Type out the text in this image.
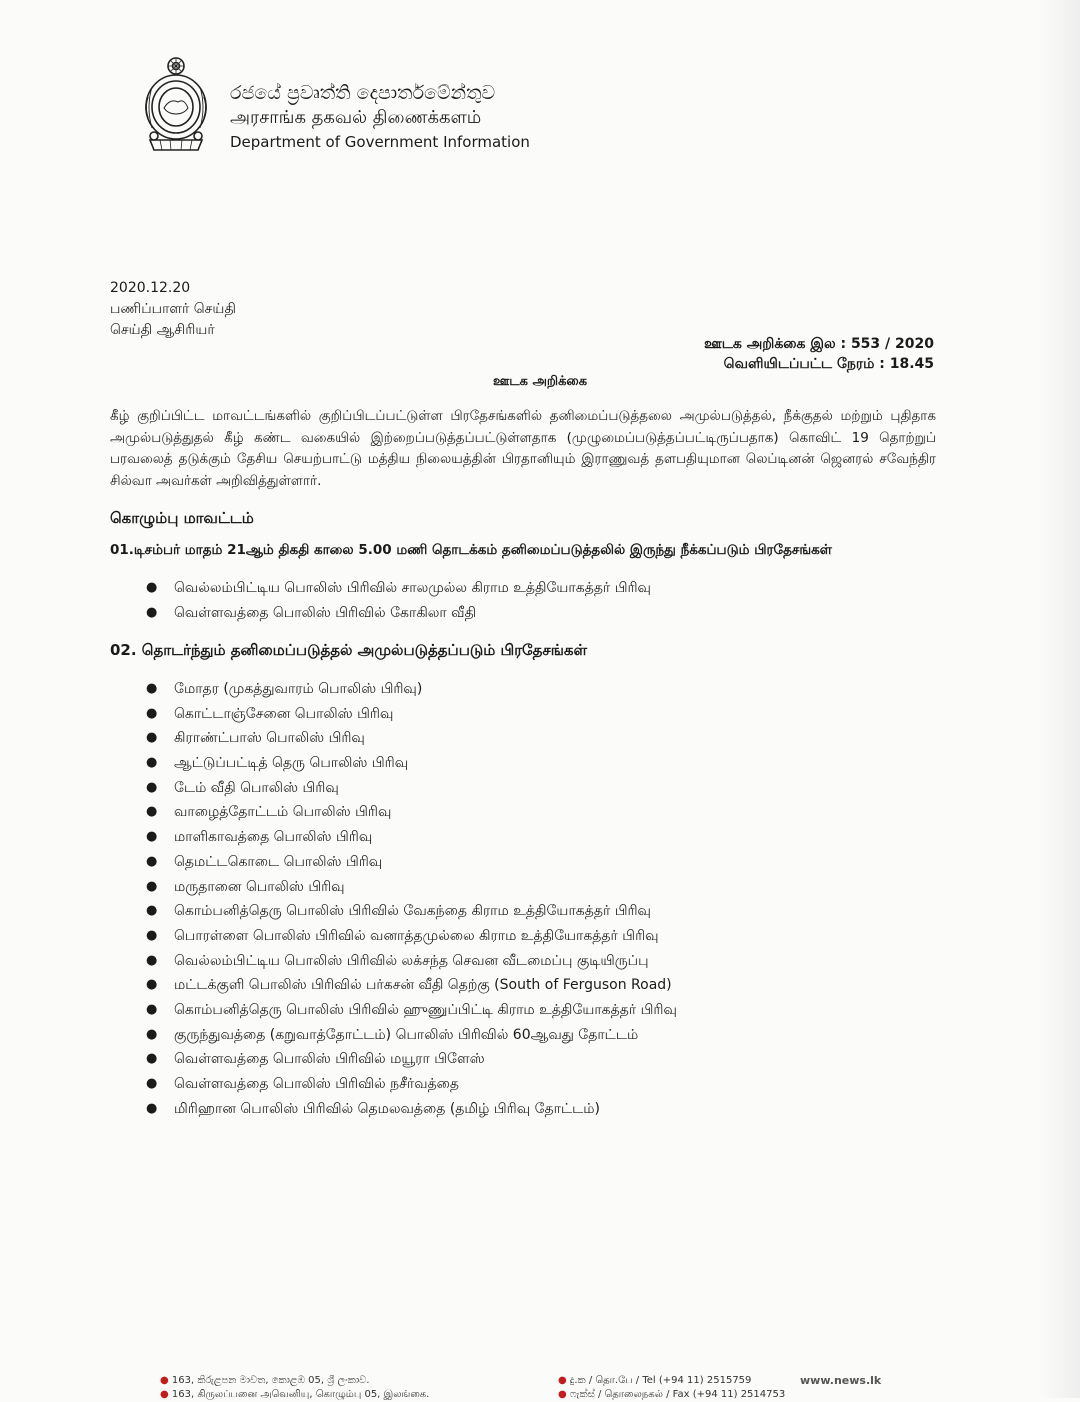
රජයේ ප්‍රවෘත්ති දෙපාර්තමේන්තුව
அரசாங்க தகவல் திணைக்களம்
Department of Government Information
2020.12.20
பணிப்பாளர் செய்தி
செய்தி ஆசிரியர்
ஊடக அறிக்கை இல : 553 / 2020
வெளியிடப்பட்ட நேரம் : 18.45
ஊடக அறிக்கை
கீழ் குறிப்பிட்ட மாவட்டங்களில் குறிப்பிடப்பட்டுள்ள பிரதேசங்களில் தனிமைப்படுத்தலை அமுல்படுத்தல், நீக்குதல் மற்றும் புதிதாக அமுல்படுத்துதல் கீழ் கண்ட வகையில் இற்றைப்படுத்தப்பட்டுள்ளதாக (முழுமைப்படுத்தப்பட்டிருப்பதாக) கொவிட் 19 தொற்றுப் பரவலைத் தடுக்கும் தேசிய செயற்பாட்டு மத்திய நிலையத்தின் பிரதானியும் இராணுவத் தளபதியுமான லெப்டினன் ஜெனரல் சவேந்திர சில்வா அவர்கள் அறிவித்துள்ளார்.
கொழும்பு மாவட்டம்
01.டிசம்பர் மாதம் 21ஆம் திகதி காலை 5.00 மணி தொடக்கம் தனிமைப்படுத்தலில் இருந்து நீக்கப்படும் பிரதேசங்கள்
● வெல்லம்பிட்டிய பொலிஸ் பிரிவில் சாலமுல்ல கிராம உத்தியோகத்தர் பிரிவு
● வெள்ளவத்தை பொலிஸ் பிரிவில் கோகிலா வீதி
02. தொடர்ந்தும் தனிமைப்படுத்தல் அமுல்படுத்தப்படும் பிரதேசங்கள்
● மோதர (முகத்துவாரம் பொலிஸ் பிரிவு)
● கொட்டாஞ்சேனை பொலிஸ் பிரிவு
● கிராண்ட்பாஸ் பொலிஸ் பிரிவு
● ஆட்டுப்பட்டித் தெரு பொலிஸ் பிரிவு
● டேம் வீதி பொலிஸ் பிரிவு
● வாழைத்தோட்டம் பொலிஸ் பிரிவு
● மாளிகாவத்தை பொலிஸ் பிரிவு
● தெமட்டகொடை பொலிஸ் பிரிவு
● மருதானை பொலிஸ் பிரிவு
● கொம்பனித்தெரு பொலிஸ் பிரிவில் வேகந்தை கிராம உத்தியோகத்தர் பிரிவு
● பொரள்ளை பொலிஸ் பிரிவில் வனாத்தமுல்லை கிராம உத்தியோகத்தர் பிரிவு
● வெல்லம்பிட்டிய பொலிஸ் பிரிவில் லக்சந்த செவன வீடமைப்பு குடியிருப்பு
● மட்டக்குளி பொலிஸ் பிரிவில் பர்கசன் வீதி தெற்கு (South of Ferguson Road)
● கொம்பனித்தெரு பொலிஸ் பிரிவில் ஹுணுப்பிட்டி கிராம உத்தியோகத்தர் பிரிவு
● குருந்துவத்தை (கறுவாத்தோட்டம்) பொலிஸ் பிரிவில் 60ஆவது தோட்டம்
● வெள்ளவத்தை பொலிஸ் பிரிவில் மயூரா பிளேஸ்
● வெள்ளவத்தை பொலிஸ் பிரிவில் நசீர்வத்தை
● மிரிஹான பொலிஸ் பிரிவில் தெமலவத்தை (தமிழ் பிரிவு தோட்டம்)
● 163, කිරුළපන මාවත, කොළඹ 05, ශ්‍රී ලංකාව.
● 163, கிருலப்பனை அவெனியு, கொழும்பு 05, இலங்கை.
● දු.ක / தொ.பே / Tel (+94 11) 2515759
● ෆැක්ස් / தொலைநகல் / Fax (+94 11) 2514753
www.news.lk
